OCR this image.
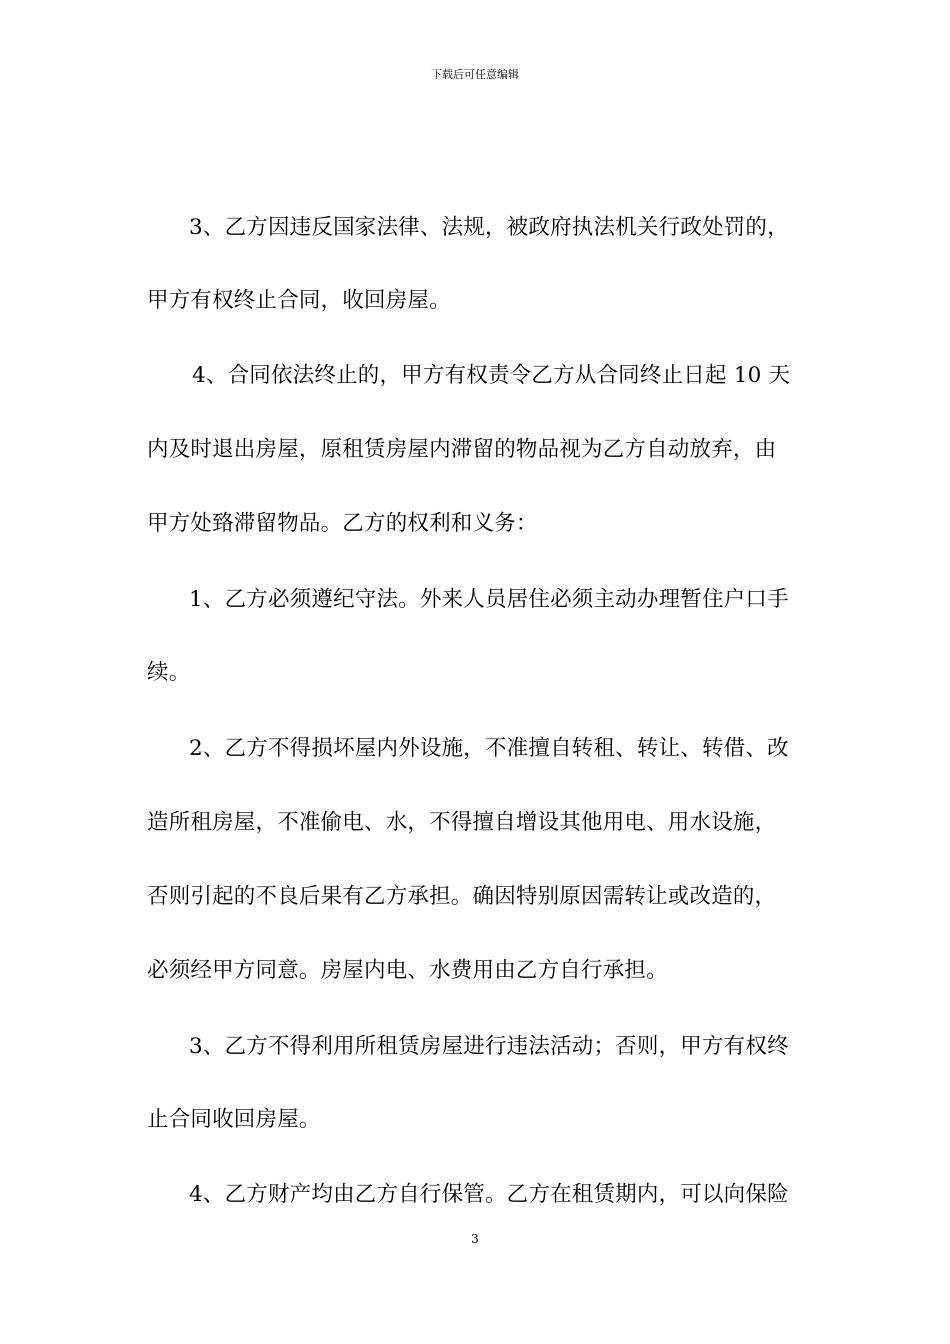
下载后可任意编辑
3、乙方因违反国家法律、法规，被政府执法机关行政处罚的，
甲方有权终止合同，收回房屋。
4、合同依法终止的，甲方有权责令乙方从合同终止日起 10 天
内及时退出房屋，原租赁房屋内滞留的物品视为乙方自动放弃，由
甲方处臵滞留物品。乙方的权利和义务：
1、乙方必须遵纪守法。外来人员居住必须主动办理暂住户口手
续。
2、乙方不得损坏屋内外设施，不准擅自转租、转让、转借、改
造所租房屋，不准偷电、水，不得擅自增设其他用电、用水设施，
否则引起的不良后果有乙方承担。确因特别原因需转让或改造的，
必须经甲方同意。房屋内电、水费用由乙方自行承担。
3、乙方不得利用所租赁房屋进行违法活动；否则，甲方有权终
止合同收回房屋。
4、乙方财产均由乙方自行保管。乙方在租赁期内，可以向保险
3
